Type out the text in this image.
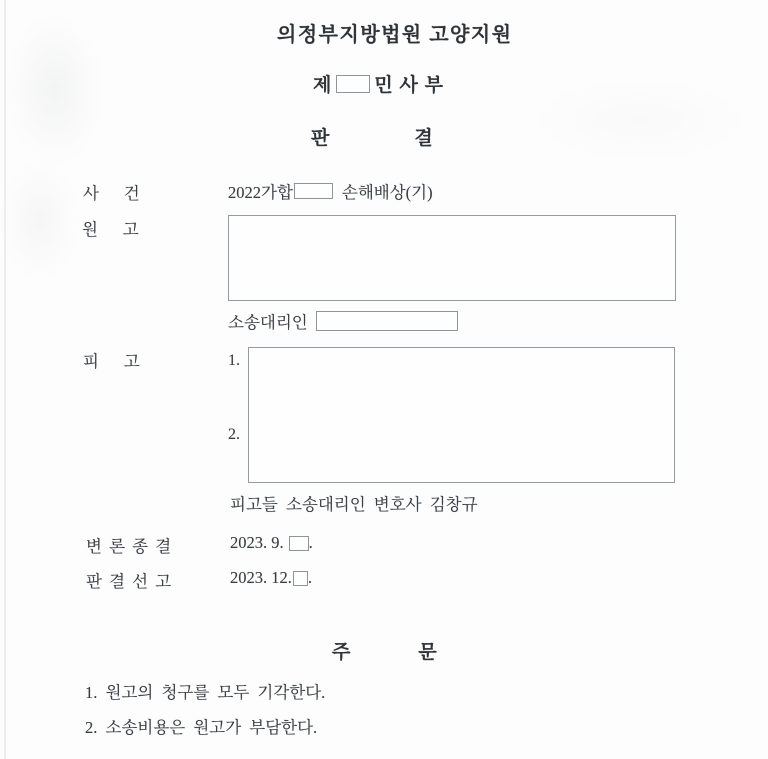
의정부지방법원 고양지원
제 민 사 부
판	결
사      건	2022가합	손해배상(기)
원      고
소송대리인
피      고	1.
2.
피고들 소송대리인 변호사 김창규
변 론 종 결	2023. 9. .
판 결 선 고	2023. 12. .
주	문
1. 원고의 청구를 모두 기각한다.
2. 소송비용은 원고가 부담한다.
